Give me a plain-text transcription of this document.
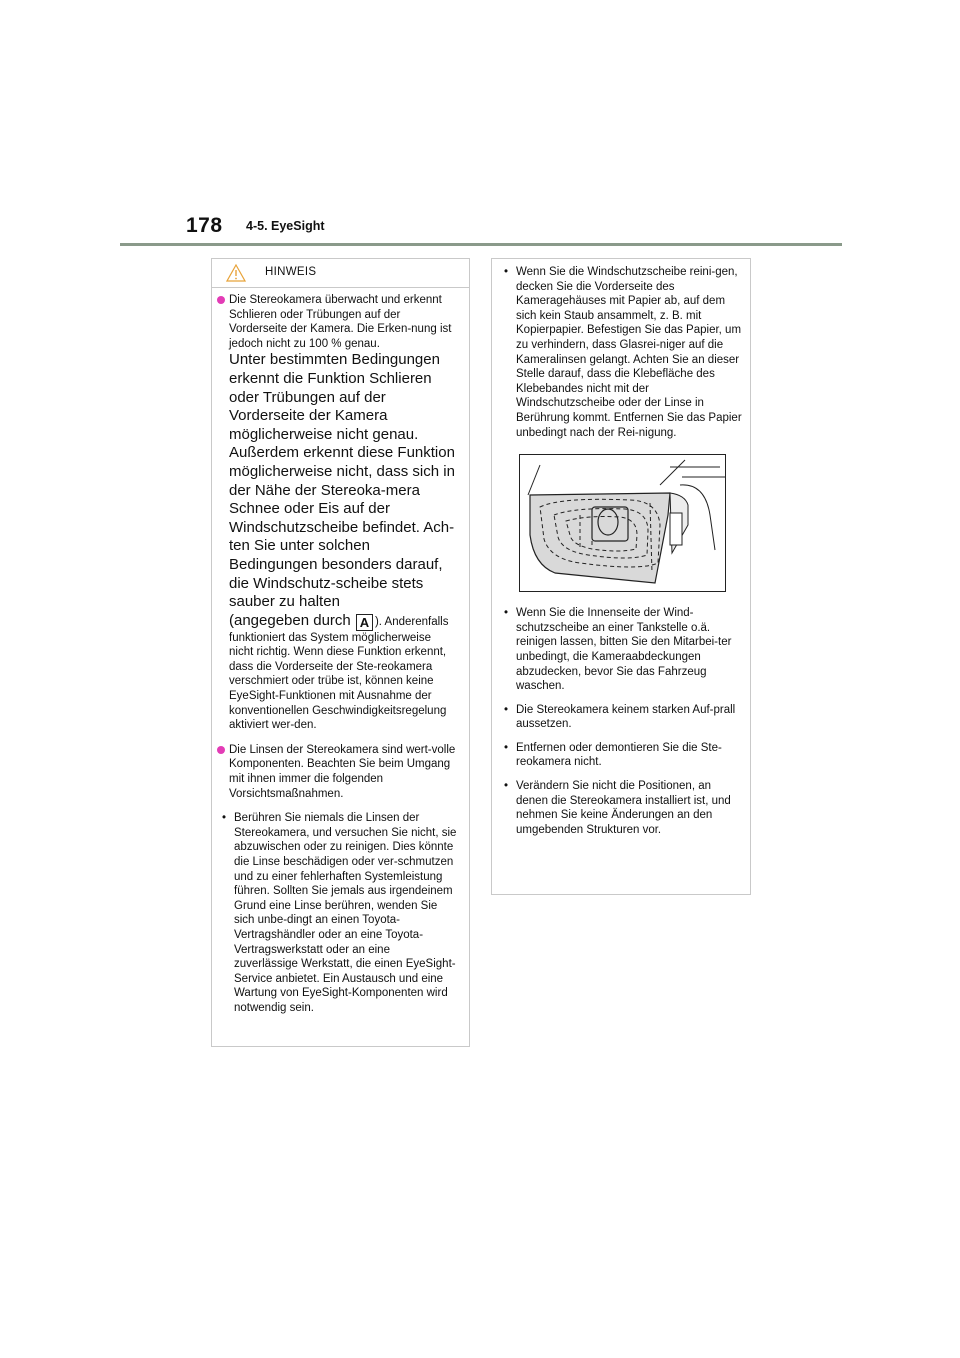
178 4-5. EyeSight
HINWEIS
Die Stereokamera überwacht und erkennt Schlieren oder Trübungen auf der Vorderseite der Kamera. Die Erken-nung ist jedoch nicht zu 100 % genau.
Unter bestimmten Bedingungen erkennt die Funktion Schlieren oder Trübungen auf der Vorderseite der Kamera möglicherweise nicht genau. Außerdem erkennt diese Funktion möglicherweise nicht, dass sich in der Nähe der Stereoka-mera Schnee oder Eis auf der Windschutzscheibe befindet. Ach-ten Sie unter solchen Bedingungen besonders darauf, die Windschutz-scheibe stets sauber zu halten
(angegeben durch A ). Anderenfalls funktioniert das System möglicherweise nicht richtig. Wenn diese Funktion erkennt, dass die Vorderseite der Ste-reokamera verschmiert oder trübe ist, können keine EyeSight-Funktionen mit Ausnahme der konventionellen Geschwindigkeitsregelung aktiviert wer-den.
Die Linsen der Stereokamera sind wert-volle Komponenten. Beachten Sie beim Umgang mit ihnen immer die folgenden Vorsichtsmaßnahmen.
• Berühren Sie niemals die Linsen der Stereokamera, und versuchen Sie nicht, sie abzuwischen oder zu reinigen. Dies könnte die Linse beschädigen oder ver-schmutzen und zu einer fehlerhaften Systemleistung führen. Sollten Sie jemals aus irgendeinem Grund eine Linse berühren, wenden Sie sich unbe-dingt an einen Toyota-Vertragshändler oder an eine Toyota-Vertragswerkstatt oder an eine zuverlässige Werkstatt, die einen EyeSight-Service anbietet. Ein Austausch und eine Wartung von EyeSight-Komponenten wird notwendig sein.
• Wenn Sie die Windschutzscheibe reini-gen, decken Sie die Vorderseite des Kameragehäuses mit Papier ab, auf dem sich kein Staub ansammelt, z. B. mit Kopierpapier. Befestigen Sie das Papier, um zu verhindern, dass Glasrei-niger auf die Kameralinsen gelangt. Achten Sie an dieser Stelle darauf, dass die Klebefläche des Klebebandes nicht mit der Windschutzscheibe oder der Linse in Berührung kommt. Entfernen Sie das Papier unbedingt nach der Rei-nigung.
• Wenn Sie die Innenseite der Wind-schutzscheibe an einer Tankstelle o.ä. reinigen lassen, bitten Sie den Mitarbei-ter unbedingt, die Kameraabdeckungen abzudecken, bevor Sie das Fahrzeug waschen.
• Die Stereokamera keinem starken Auf-prall aussetzen.
• Entfernen oder demontieren Sie die Ste-reokamera nicht.
• Verändern Sie nicht die Positionen, an denen die Stereokamera installiert ist, und nehmen Sie keine Änderungen an den umgebenden Strukturen vor.
